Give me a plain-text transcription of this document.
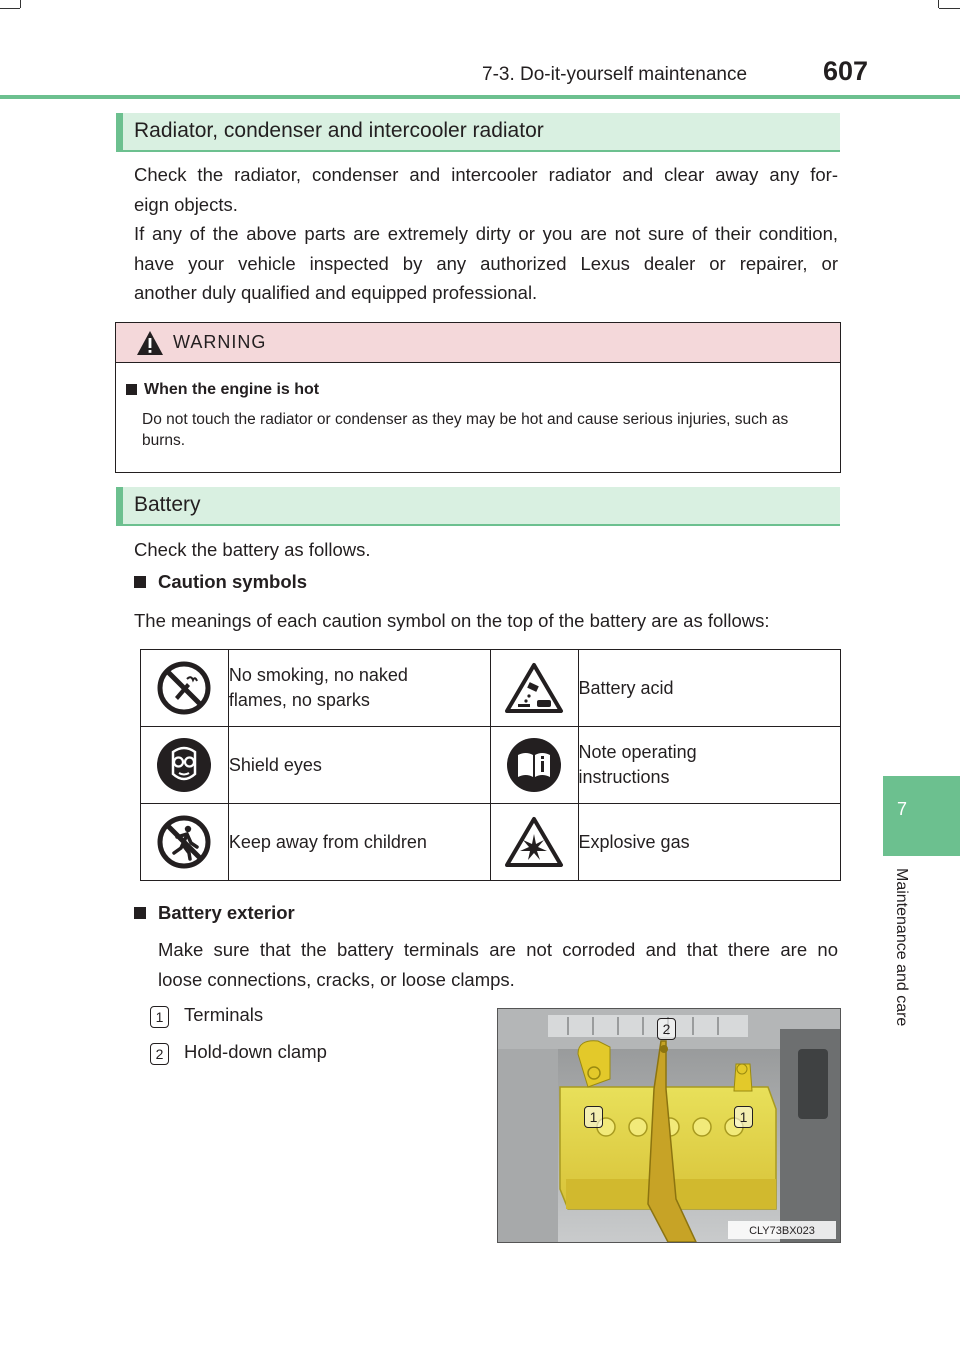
7-3. Do-it-yourself maintenance	607
7
Maintenance and care
Radiator, condenser and intercooler radiator
Check the radiator, condenser and intercooler radiator and clear away any for-
eign objects.
If any of the above parts are extremely dirty or you are not sure of their condition,
have your vehicle inspected by any authorized Lexus dealer or repairer, or
another duly qualified and equipped professional.
WARNING
When the engine is hot

Do not touch the radiator or condenser as they may be hot and cause serious injuries, such as burns.

Battery
Check the battery as follows.
Caution symbols
The meanings of each caution symbol on the top of the battery are as follows:

No smoking, no naked flames, no sparks		Battery acid

Shield eyes		Note operating instructions

Keep away from children		Explosive gas
Battery exterior
Make sure that the battery terminals are not corroded and that there are no
loose connections, cracks, or loose clamps.
1	Terminals
2	Hold-down clamp
CLY73BX023
2
1	1
